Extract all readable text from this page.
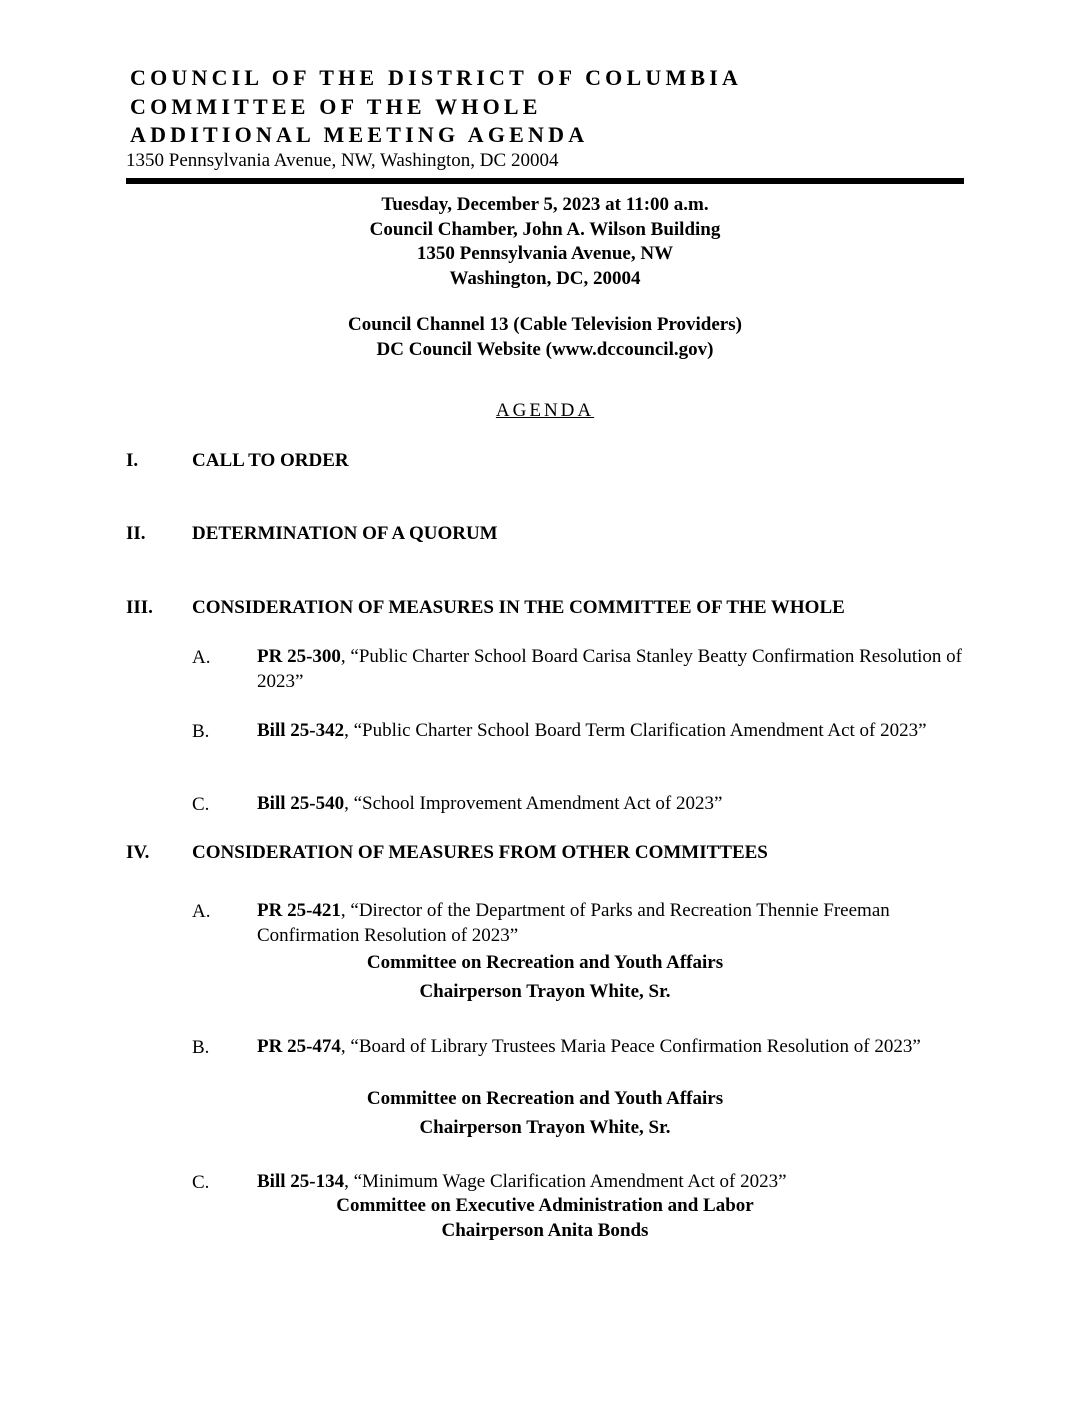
COUNCIL OF THE DISTRICT OF COLUMBIA
COMMITTEE OF THE WHOLE
ADDITIONAL MEETING AGENDA
1350 Pennsylvania Avenue, NW, Washington, DC 20004
Tuesday, December 5, 2023 at 11:00 a.m.
Council Chamber, John A. Wilson Building
1350 Pennsylvania Avenue, NW
Washington, DC, 20004
Council Channel 13 (Cable Television Providers)
DC Council Website (www.dccouncil.gov)
AGENDA
I.	CALL TO ORDER
II. DETERMINATION OF A QUORUM
III. CONSIDERATION OF MEASURES IN THE COMMITTEE OF THE WHOLE
A. PR 25-300, “Public Charter School Board Carisa Stanley Beatty Confirmation Resolution of 2023”
B.	Bill 25-342, “Public Charter School Board Term Clarification Amendment Act of 2023”
C.	Bill 25-540, “School Improvement Amendment Act of 2023”
IV. CONSIDERATION OF MEASURES FROM OTHER COMMITTEES
A. PR 25-421, “Director of the Department of Parks and Recreation Thennie Freeman Confirmation Resolution of 2023”
Committee on Recreation and Youth Affairs
Chairperson Trayon White, Sr.
B.	PR 25-474, “Board of Library Trustees Maria Peace Confirmation Resolution of 2023”
Committee on Recreation and Youth Affairs
Chairperson Trayon White, Sr.
C.	Bill 25-134, “Minimum Wage Clarification Amendment Act of 2023”
Committee on Executive Administration and Labor
Chairperson Anita Bonds
